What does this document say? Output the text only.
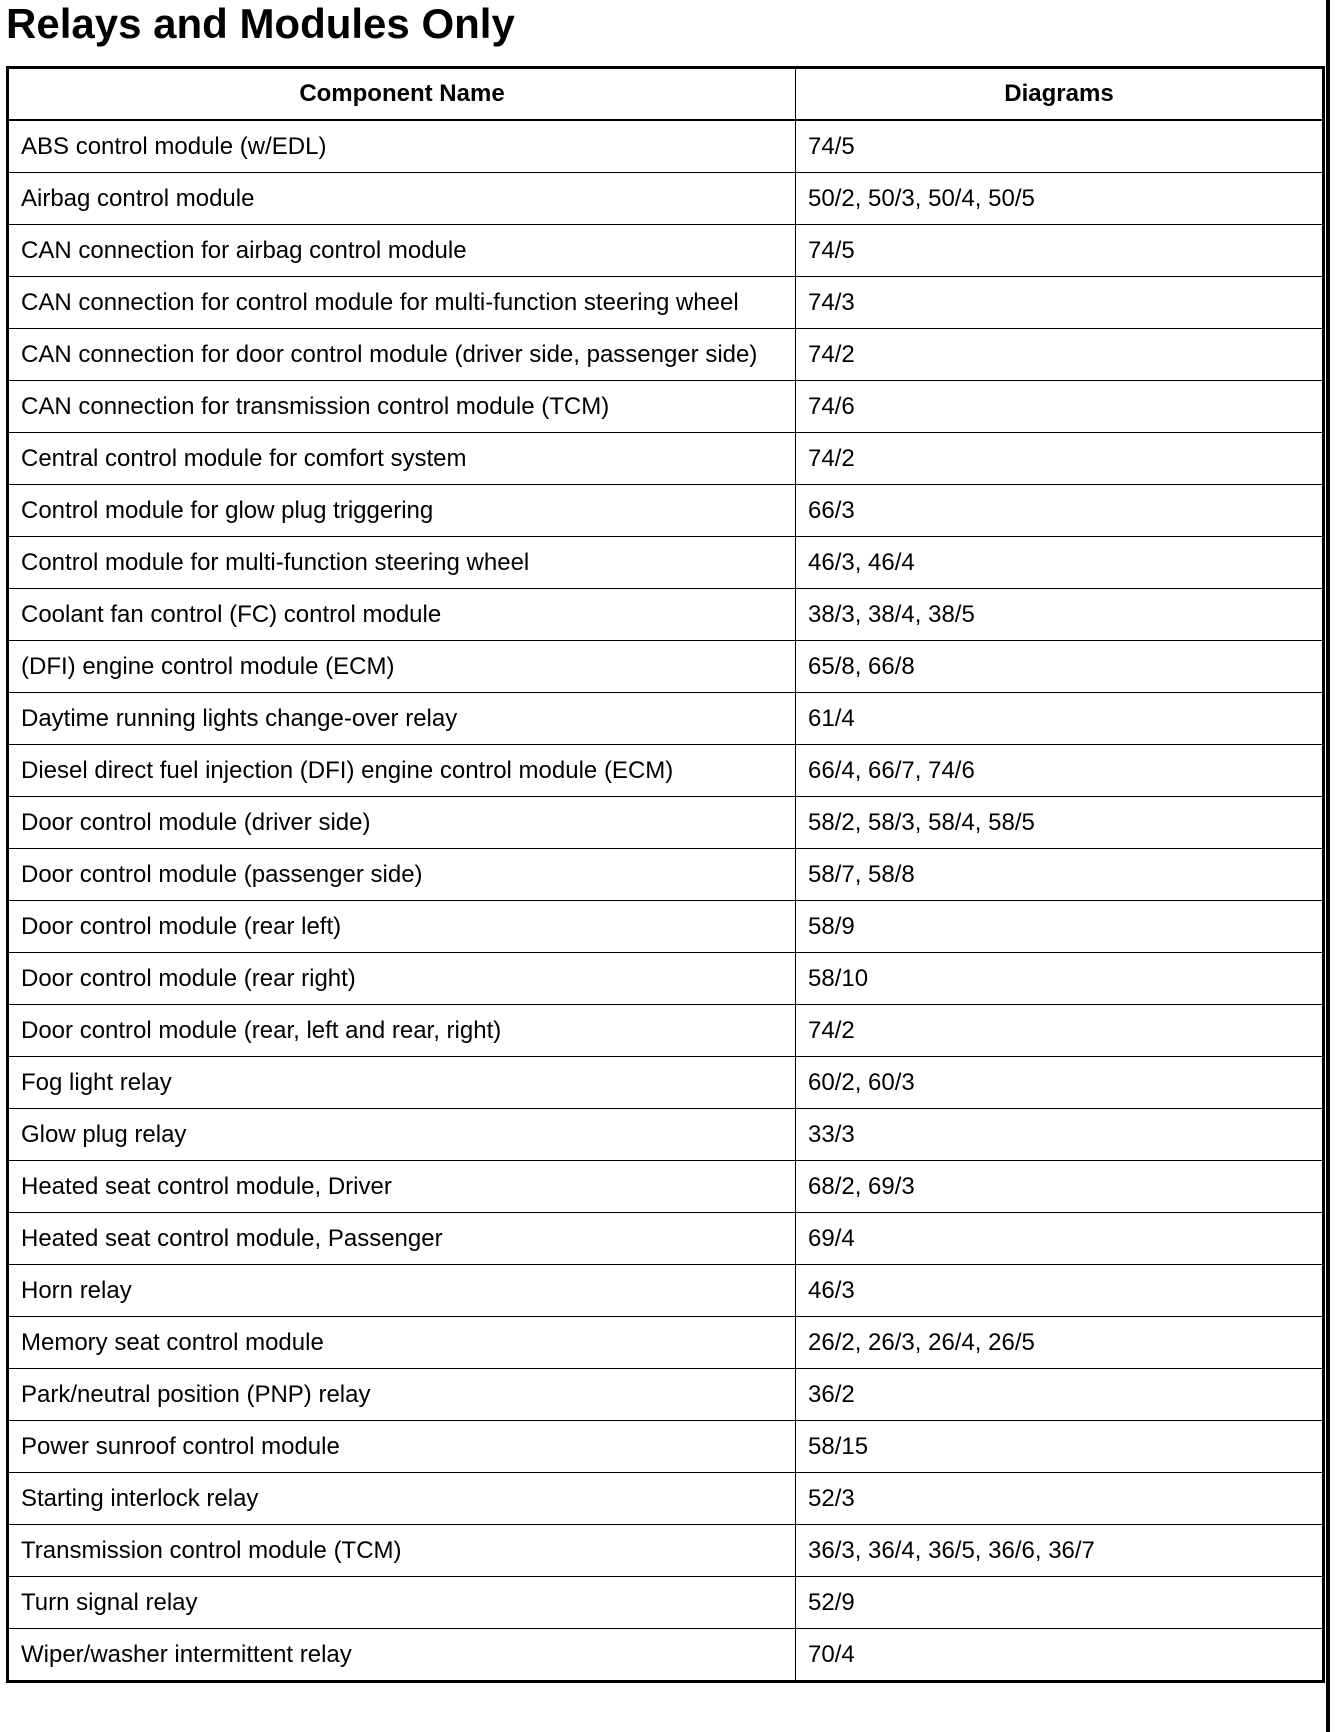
Relays and Modules Only
Component Name	Diagrams
ABS control module (w/EDL)	74/5
Airbag control module	50/2, 50/3, 50/4, 50/5
CAN connection for airbag control module	74/5
CAN connection for control module for multi-function steering wheel	74/3
CAN connection for door control module (driver side, passenger side)	74/2
CAN connection for transmission control module (TCM)	74/6
Central control module for comfort system	74/2
Control module for glow plug triggering	66/3
Control module for multi-function steering wheel	46/3, 46/4
Coolant fan control (FC) control module	38/3, 38/4, 38/5
(DFI) engine control module (ECM)	65/8, 66/8
Daytime running lights change-over relay	61/4
Diesel direct fuel injection (DFI) engine control module (ECM)	66/4, 66/7, 74/6
Door control module (driver side)	58/2, 58/3, 58/4, 58/5
Door control module (passenger side)	58/7, 58/8
Door control module (rear left)	58/9
Door control module (rear right)	58/10
Door control module (rear, left and rear, right)	74/2
Fog light relay	60/2, 60/3
Glow plug relay	33/3
Heated seat control module, Driver	68/2, 69/3
Heated seat control module, Passenger	69/4
Horn relay	46/3
Memory seat control module	26/2, 26/3, 26/4, 26/5
Park/neutral position (PNP) relay	36/2
Power sunroof control module	58/15
Starting interlock relay	52/3
Transmission control module (TCM)	36/3, 36/4, 36/5, 36/6, 36/7
Turn signal relay	52/9
Wiper/washer intermittent relay	70/4
